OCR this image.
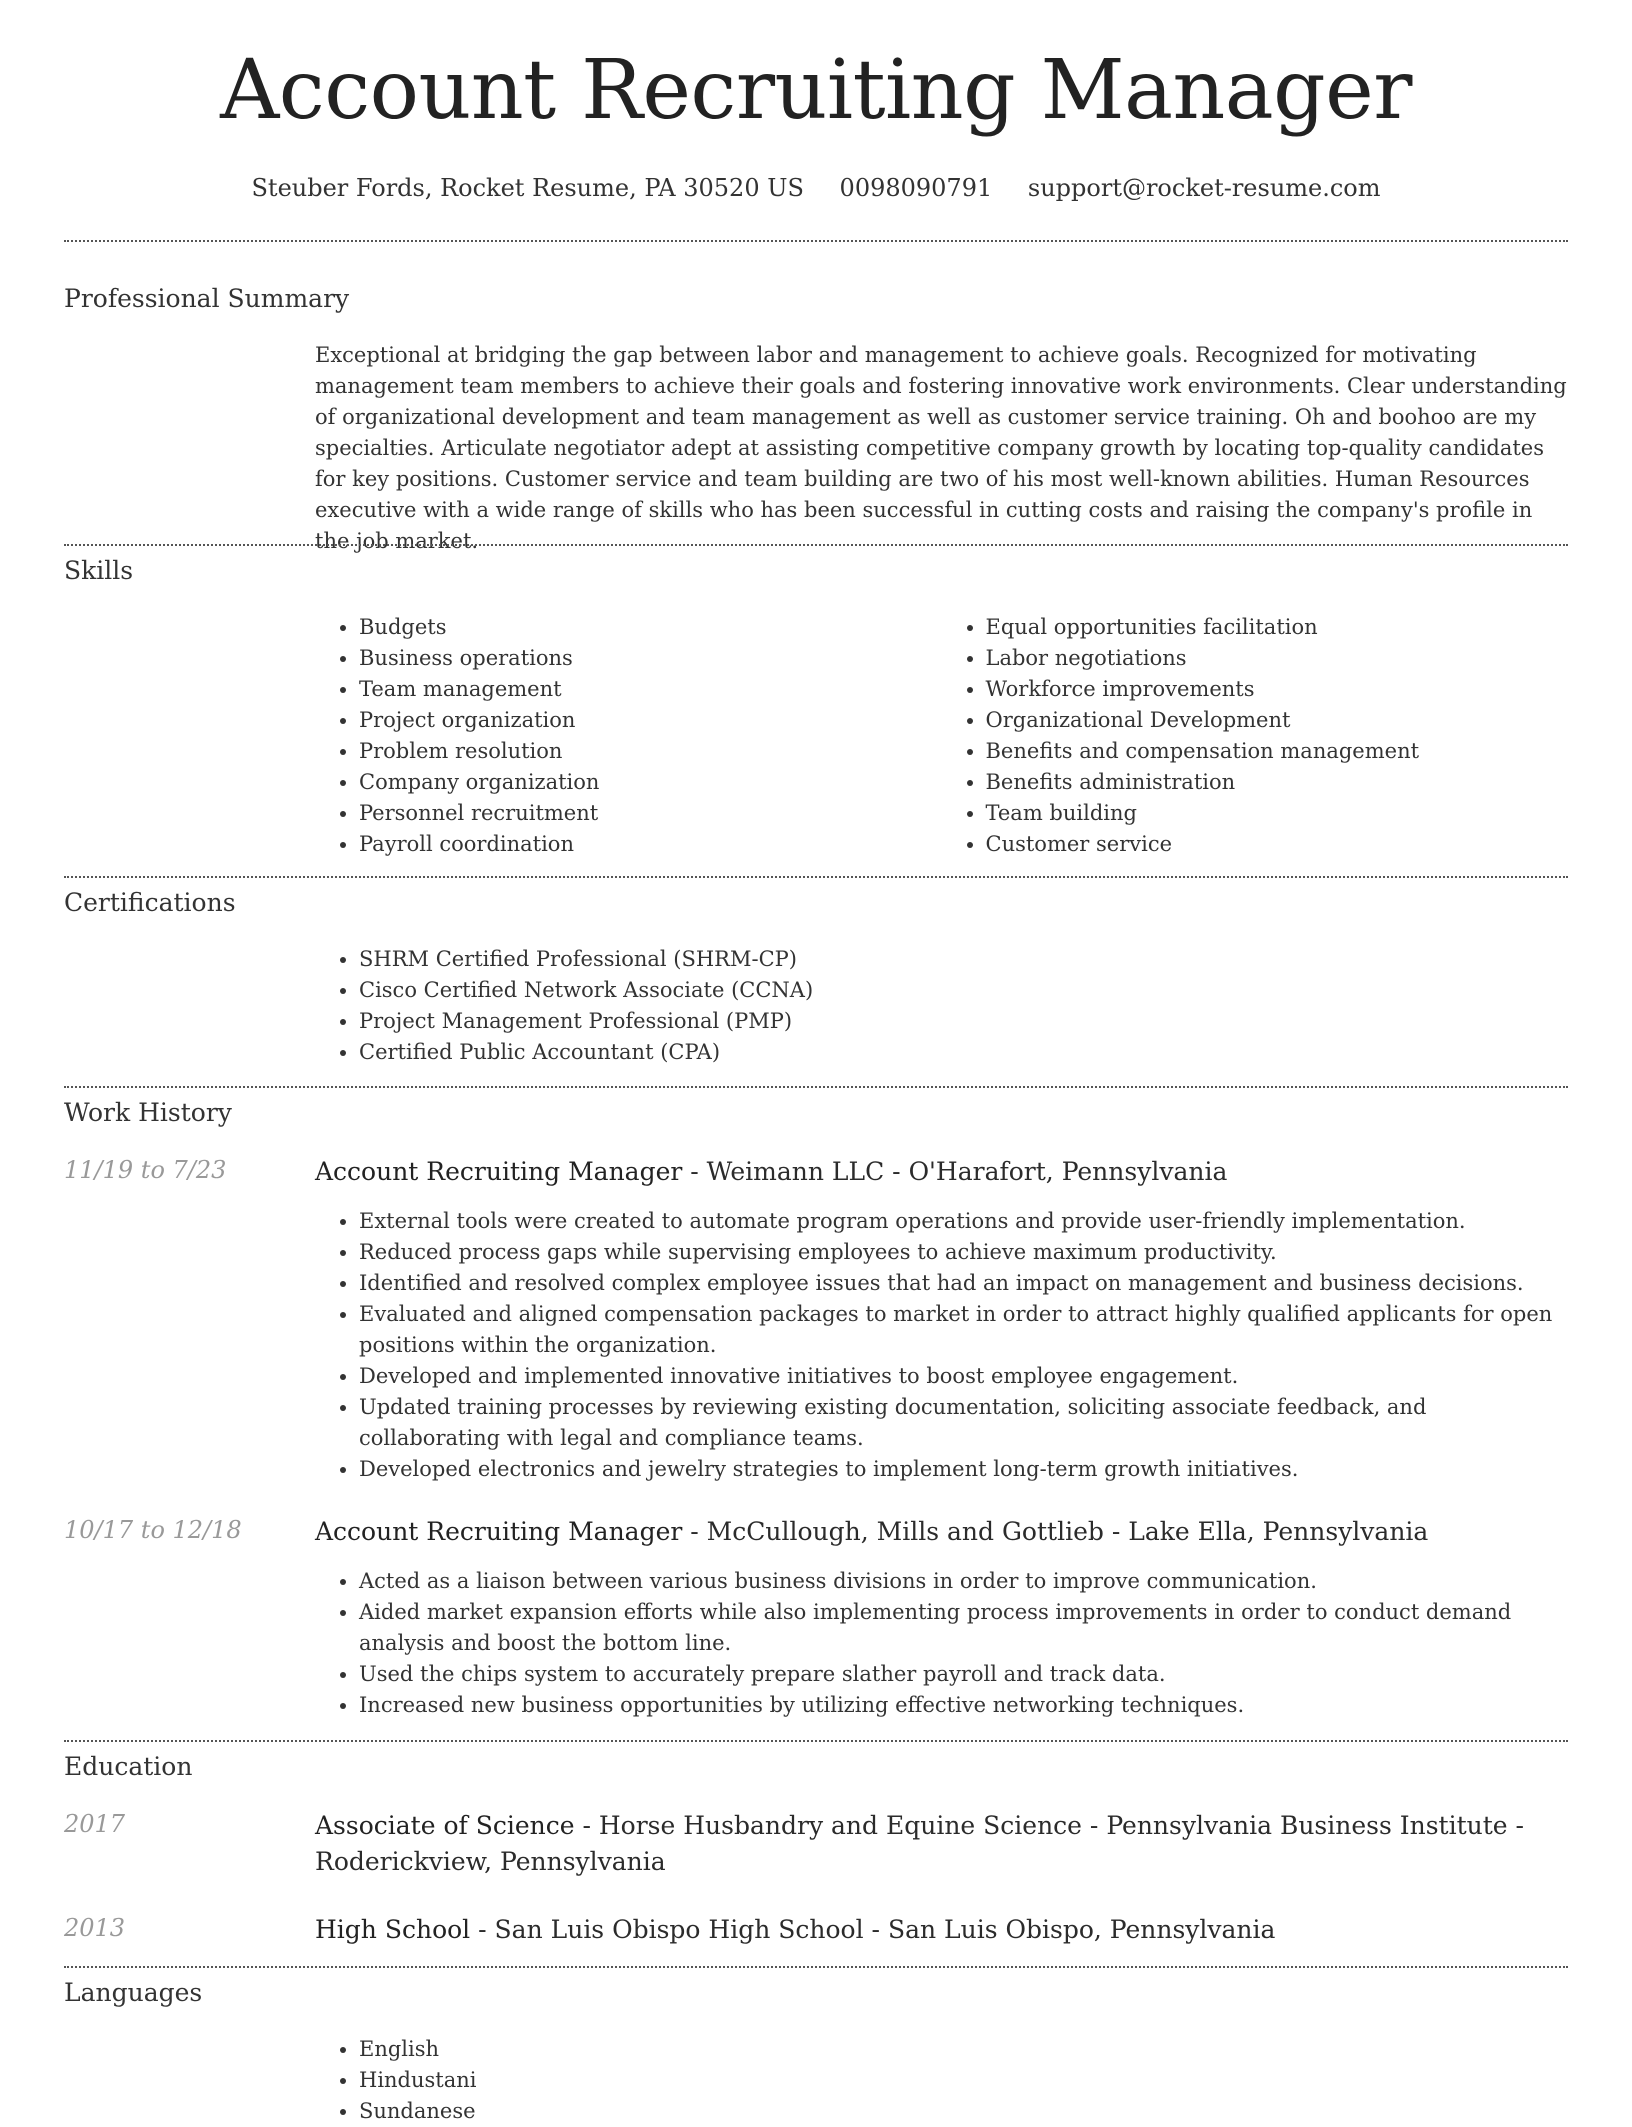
Account Recruiting Manager
Steuber Fords, Rocket Resume, PA 30520 US 0098090791 support@rocket-resume.com
Professional Summary

Exceptional at bridging the gap between labor and management to achieve goals. Recognized for motivating management team members to achieve their goals and fostering innovative work environments. Clear understanding of organizational development and team management as well as customer service training. Oh and boohoo are my specialties. Articulate negotiator adept at assisting competitive company growth by locating top-quality candidates for key positions. Customer service and team building are two of his most well-known abilities. Human Resources executive with a wide range of skills who has been successful in cutting costs and raising the company's profile in the job market.

Skills
• Budgets
• Business operations
• Team management
• Project organization
• Problem resolution
• Company organization
• Personnel recruitment
• Payroll coordination
• Equal opportunities facilitation
• Labor negotiations
• Workforce improvements
• Organizational Development
• Benefits and compensation management
• Benefits administration
• Team building
• Customer service
Certifications
• SHRM Certified Professional (SHRM-CP)
• Cisco Certified Network Associate (CCNA)
• Project Management Professional (PMP)
• Certified Public Accountant (CPA)
Work History
11/19 to 7/23	Account Recruiting Manager - Weimann LLC - O'Harafort, Pennsylvania
• External tools were created to automate program operations and provide user-friendly implementation.
• Reduced process gaps while supervising employees to achieve maximum productivity.
• Identified and resolved complex employee issues that had an impact on management and business decisions.
• Evaluated and aligned compensation packages to market in order to attract highly qualified applicants for open positions within the organization.
• Developed and implemented innovative initiatives to boost employee engagement.
• Updated training processes by reviewing existing documentation, soliciting associate feedback, and collaborating with legal and compliance teams.
• Developed electronics and jewelry strategies to implement long-term growth initiatives.
10/17 to 12/18	Account Recruiting Manager - McCullough, Mills and Gottlieb - Lake Ella, Pennsylvania
• Acted as a liaison between various business divisions in order to improve communication.
• Aided market expansion efforts while also implementing process improvements in order to conduct demand analysis and boost the bottom line.
• Used the chips system to accurately prepare slather payroll and track data.
• Increased new business opportunities by utilizing effective networking techniques.
Education
2017	Associate of Science - Horse Husbandry and Equine Science - Pennsylvania Business Institute -
Roderickview, Pennsylvania
2013	High School - San Luis Obispo High School - San Luis Obispo, Pennsylvania
Languages
• English
• Hindustani
• Sundanese
